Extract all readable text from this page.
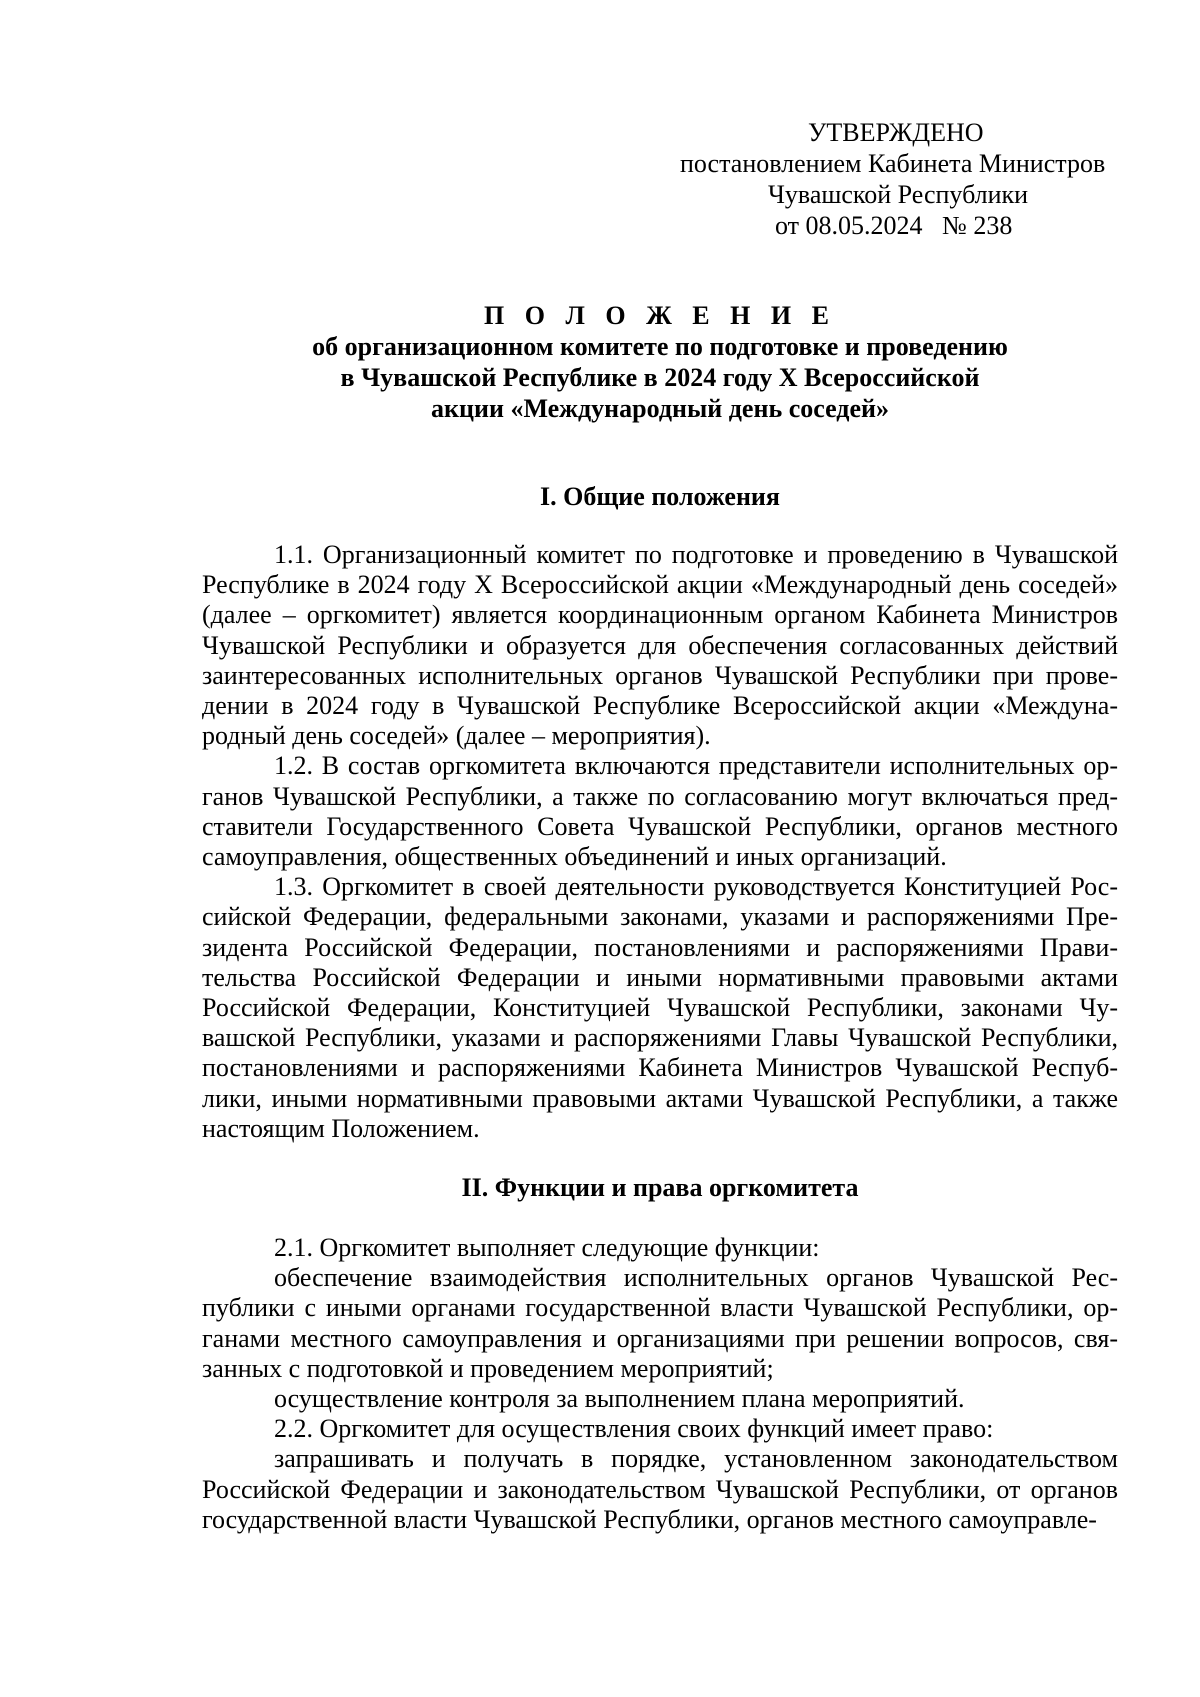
УТВЕРЖДЕНО
постановлением Кабинета Министров
Чувашской Республики
от 08.05.2024   № 238
П О Л О Ж Е Н И Е
об организационном комитете по подготовке и проведению
в Чувашской Республике в 2024 году X Всероссийской
акции «Международный день соседей»
I. Общие положения

1.1. Организационный комитет по подготовке и проведению в Чувашской Республике в 2024 году X Всероссийской акции «Международный день соседей» (далее – оргкомитет) является координационным органом Кабинета Министров Чувашской Республики и образуется для обеспечения согласованных действий заинтересованных исполнительных органов Чувашской Республики при прове-дении в 2024 году в Чувашской Республике Всероссийской акции «Междуна-родный день соседей» (далее – мероприятия).

1.2. В состав оргкомитета включаются представители исполнительных ор-ганов Чувашской Республики, а также по согласованию могут включаться пред-ставители Государственного Совета Чувашской Республики, органов местного самоуправления, общественных объединений и иных организаций.

1.3. Оргкомитет в своей деятельности руководствуется Конституцией Рос-сийской Федерации, федеральными законами, указами и распоряжениями Пре-зидента Российской Федерации, постановлениями и распоряжениями Прави-тельства Российской Федерации и иными нормативными правовыми актами Российской Федерации, Конституцией Чувашской Республики, законами Чу-вашской Республики, указами и распоряжениями Главы Чувашской Республики, постановлениями и распоряжениями Кабинета Министров Чувашской Респуб-лики, иными нормативными правовыми актами Чувашской Республики, а также настоящим Положением.

II. Функции и права оргкомитета

2.1. Оргкомитет выполняет следующие функции:

обеспечение взаимодействия исполнительных органов Чувашской Рес-публики с иными органами государственной власти Чувашской Республики, ор-ганами местного самоуправления и организациями при решении вопросов, свя-занных с подготовкой и проведением мероприятий;

осуществление контроля за выполнением плана мероприятий.

2.2. Оргкомитет для осуществления своих функций имеет право:

запрашивать и получать в порядке, установленном законодательством Российской Федерации и законодательством Чувашской Республики, от органов государственной власти Чувашской Республики, органов местного самоуправле-
